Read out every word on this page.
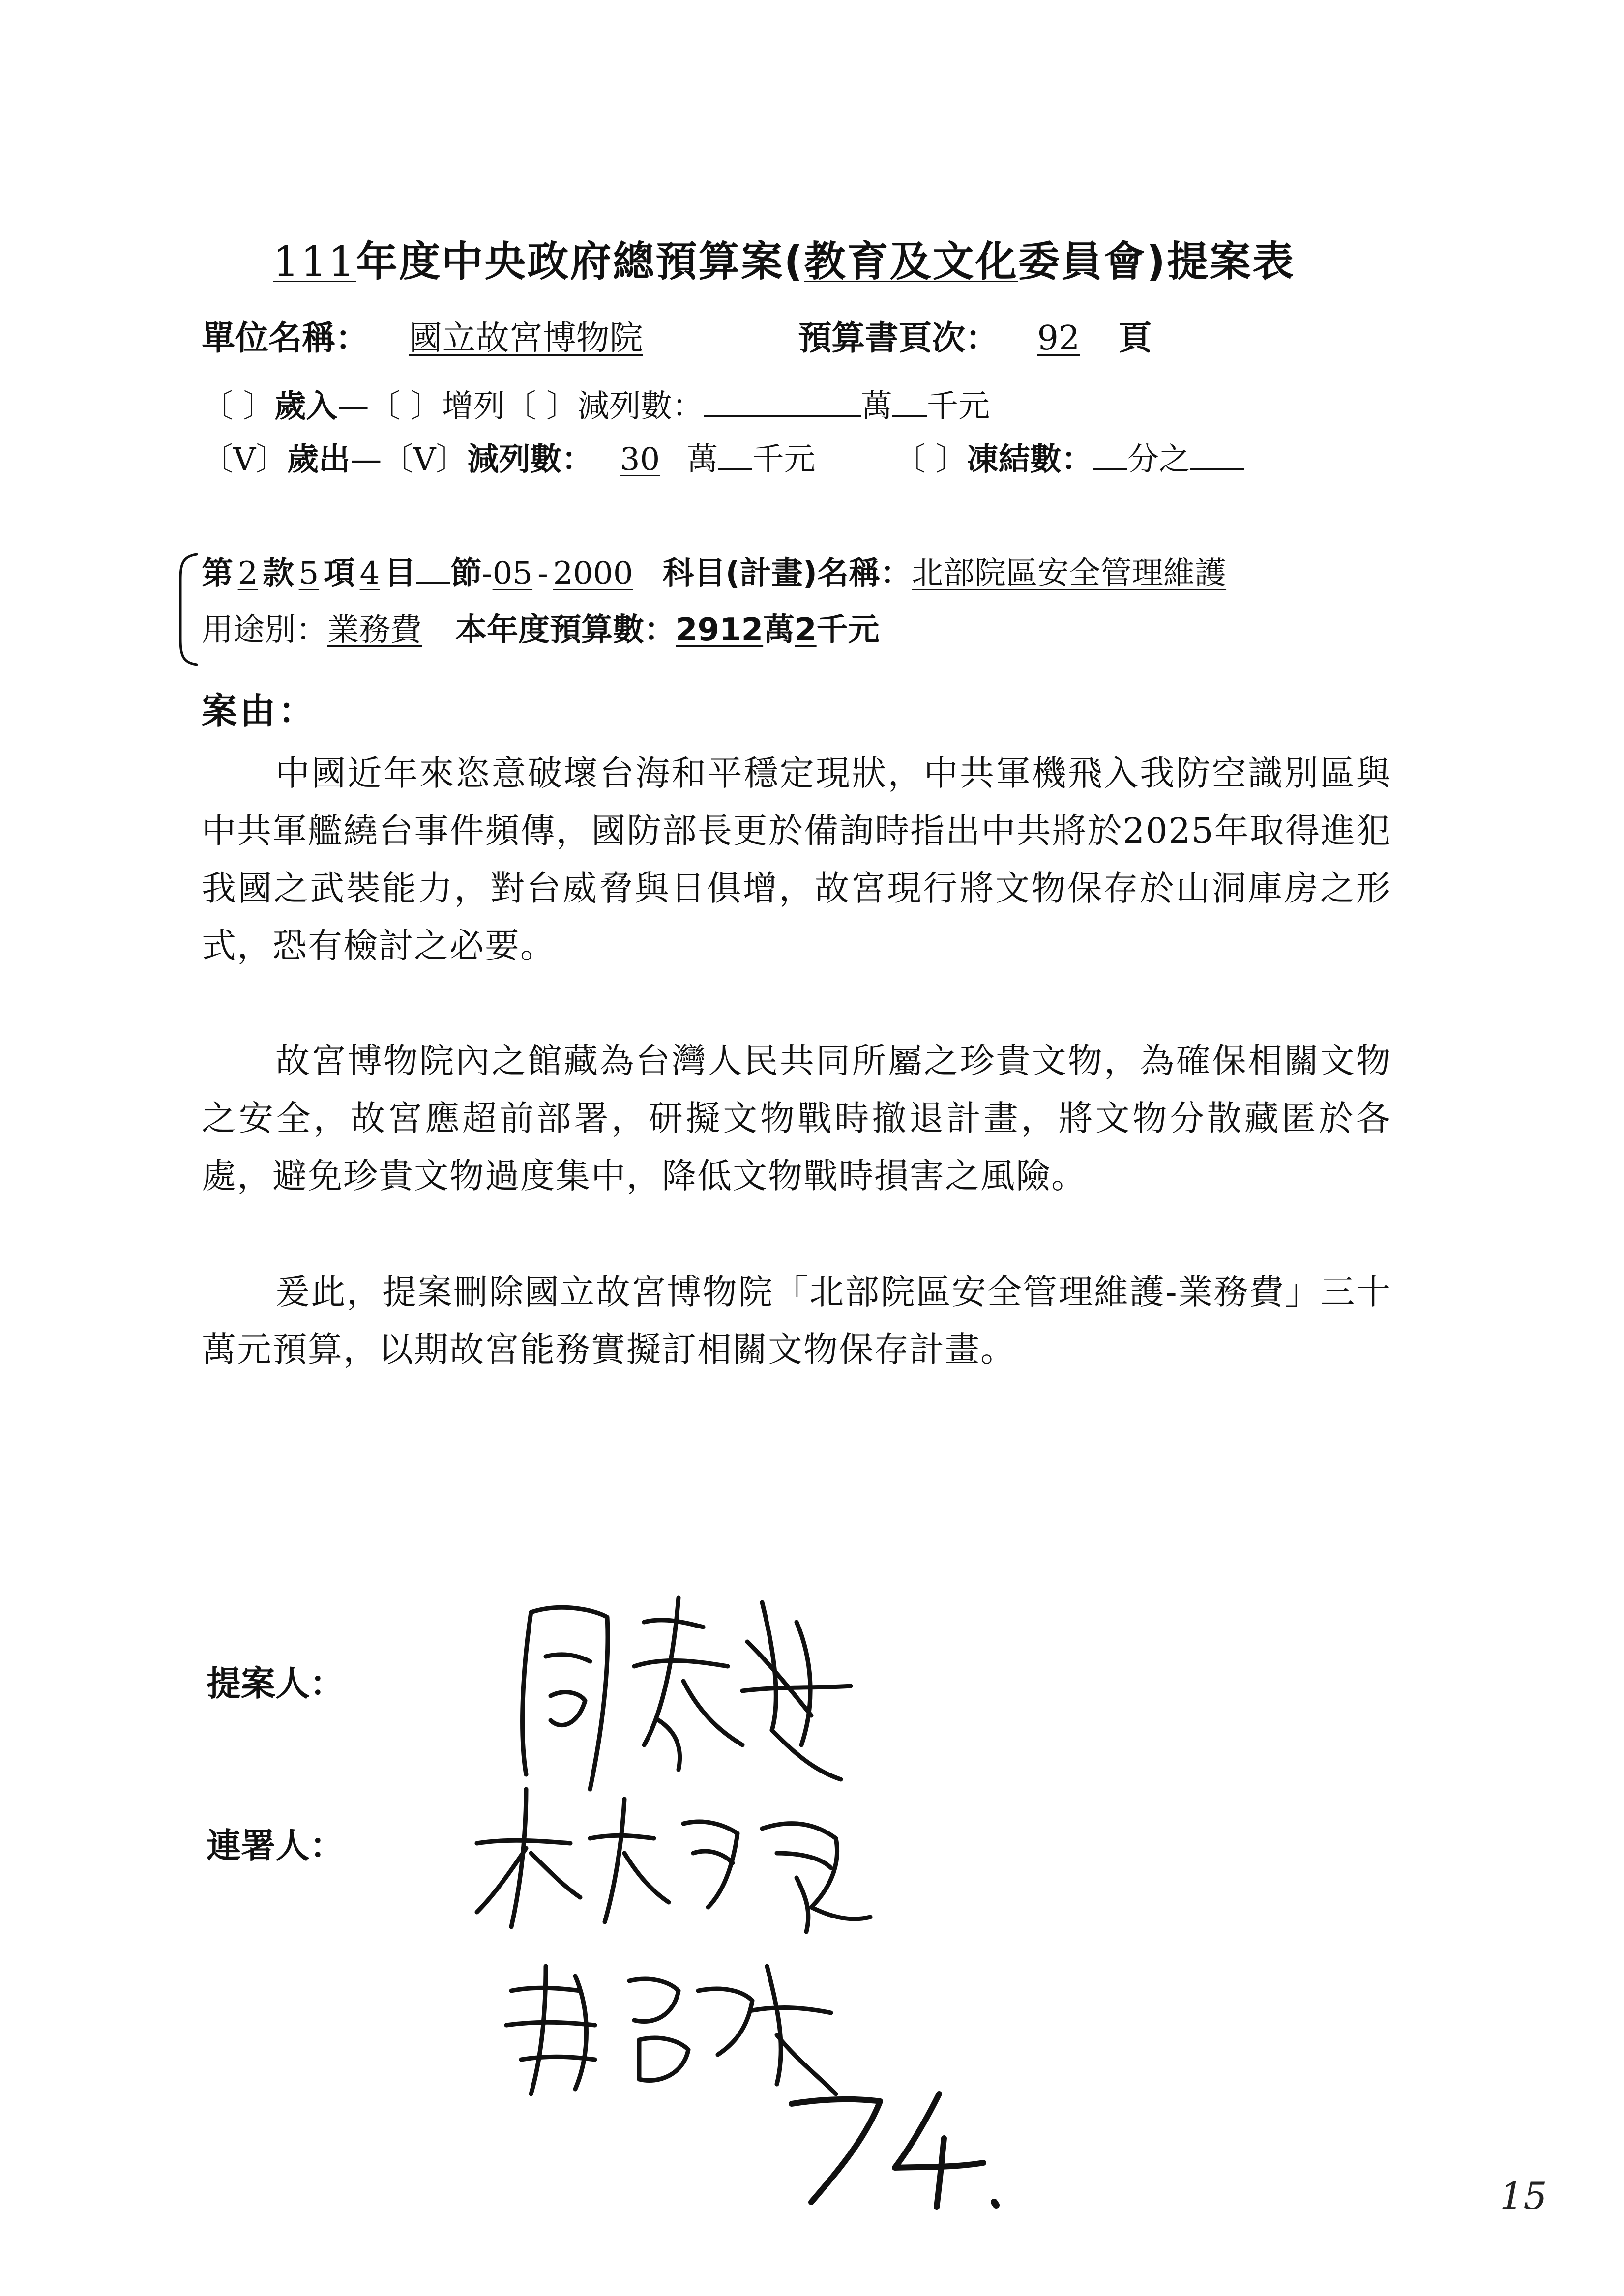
111年度中央政府總預算案(教育及文化委員會)提案表
單位名稱： 國立故宮博物院	預算書頁次： 92 頁
〔 〕歲入—〔 〕增列〔 〕減列數：	萬 千元
〔V〕歲出—〔V〕減列數： 30 萬 千元	〔 〕凍結數： 分之
第 2 款 5 項 4 目 節-05 - 2000 科目(計畫)名稱：北部院區安全管理維護
用途別：業務費 本年度預算數：2912萬2千元
案由：
中國近年來恣意破壞台海和平穩定現狀，中共軍機飛入我防空識別區與中共軍艦繞台事件頻傳，國防部長更於備詢時指出中共將於2025年取得進犯我國之武裝能力，對台威脅與日俱增，故宮現行將文物保存於山洞庫房之形式，恐有檢討之必要。
故宮博物院內之館藏為台灣人民共同所屬之珍貴文物，為確保相關文物之安全，故宮應超前部署，研擬文物戰時撤退計畫，將文物分散藏匿於各處，避免珍貴文物過度集中，降低文物戰時損害之風險。
爰此，提案刪除國立故宮博物院「北部院區安全管理維護-業務費」三十萬元預算，以期故宮能務實擬訂相關文物保存計畫。
提案人：
連署人：
15
